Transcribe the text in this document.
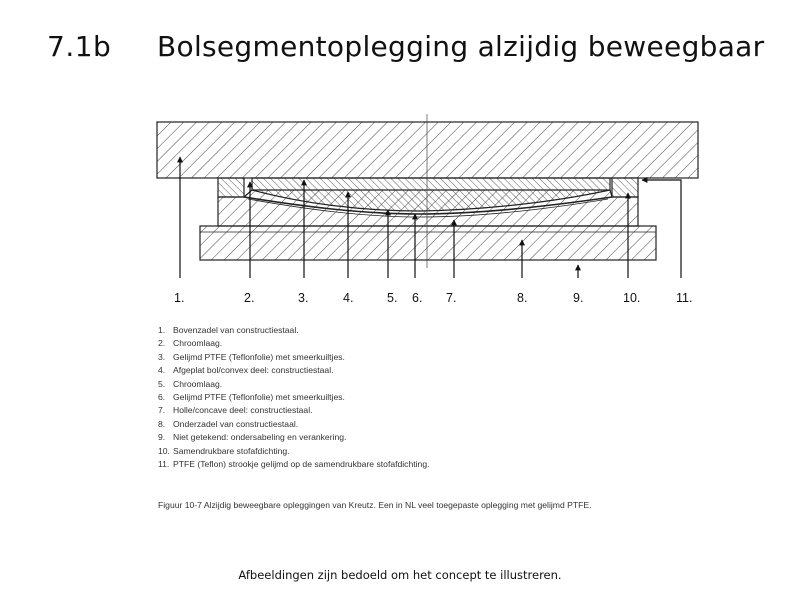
7.1b Bolsegmentoplegging alzijdig beweegbaar
1.	2.	3.	4.	5. 6. 7.	8.	9.	10.	11.
1. Bovenzadel van constructiestaal.
2. Chroomlaag.
3. Gelijmd PTFE (Teflonfolie) met smeerkuiltjes.
4. Afgeplat bol/convex deel: constructiestaal.
5. Chroomlaag.
6. Gelijmd PTFE (Teflonfolie) met smeerkuiltjes.
7. Holle/concave deel: constructiestaal.
8. Onderzadel van constructiestaal.
9. Niet getekend: ondersabeling en verankering.
10. Samendrukbare stofafdichting.
11. PTFE (Teflon) strookje gelijmd op de samendrukbare stofafdichting.
Figuur 10-7 Alzijdig beweegbare opleggingen van Kreutz. Een in NL veel toegepaste oplegging met gelijmd PTFE.
Afbeeldingen zijn bedoeld om het concept te illustreren.
